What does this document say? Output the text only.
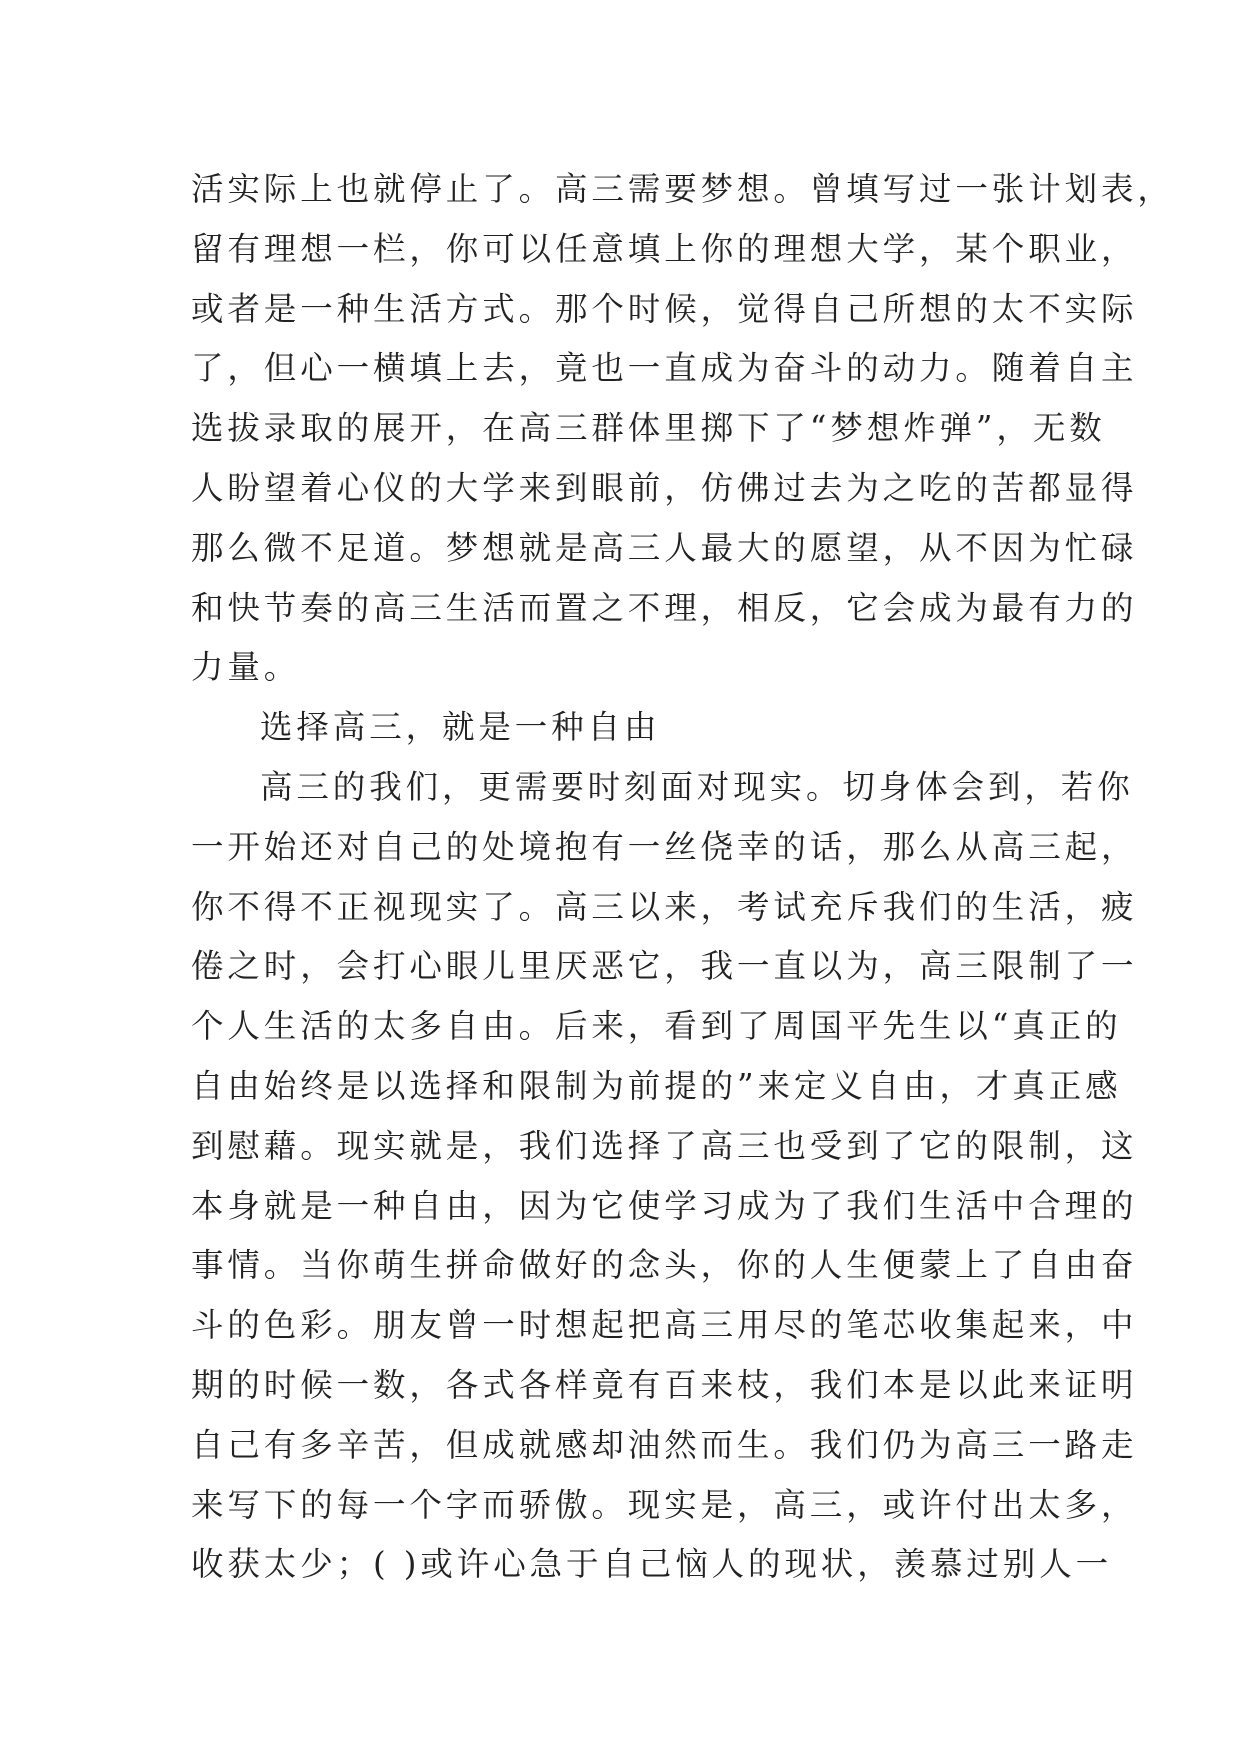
活实际上也就停止了。高三需要梦想。曾填写过一张计划表，
留有理想一栏，你可以任意填上你的理想大学，某个职业，
或者是一种生活方式。那个时候，觉得自己所想的太不实际
了，但心一横填上去，竟也一直成为奋斗的动力。随着自主
选拔录取的展开，在高三群体里掷下了“梦想炸弹”，无数
人盼望着心仪的大学来到眼前，仿佛过去为之吃的苦都显得
那么微不足道。梦想就是高三人最大的愿望，从不因为忙碌
和快节奏的高三生活而置之不理，相反，它会成为最有力的
力量。
选择高三，就是一种自由
高三的我们，更需要时刻面对现实。切身体会到，若你
一开始还对自己的处境抱有一丝侥幸的话，那么从高三起，
你不得不正视现实了。高三以来，考试充斥我们的生活，疲
倦之时，会打心眼儿里厌恶它，我一直以为，高三限制了一
个人生活的太多自由。后来，看到了周国平先生以“真正的
自由始终是以选择和限制为前提的”来定义自由，才真正感
到慰藉。现实就是，我们选择了高三也受到了它的限制，这
本身就是一种自由，因为它使学习成为了我们生活中合理的
事情。当你萌生拼命做好的念头，你的人生便蒙上了自由奋
斗的色彩。朋友曾一时想起把高三用尽的笔芯收集起来，中
期的时候一数，各式各样竟有百来枝，我们本是以此来证明
自己有多辛苦，但成就感却油然而生。我们仍为高三一路走
来写下的每一个字而骄傲。现实是，高三，或许付出太多，
收获太少；( )或许心急于自己恼人的现状，羡慕过别人一
